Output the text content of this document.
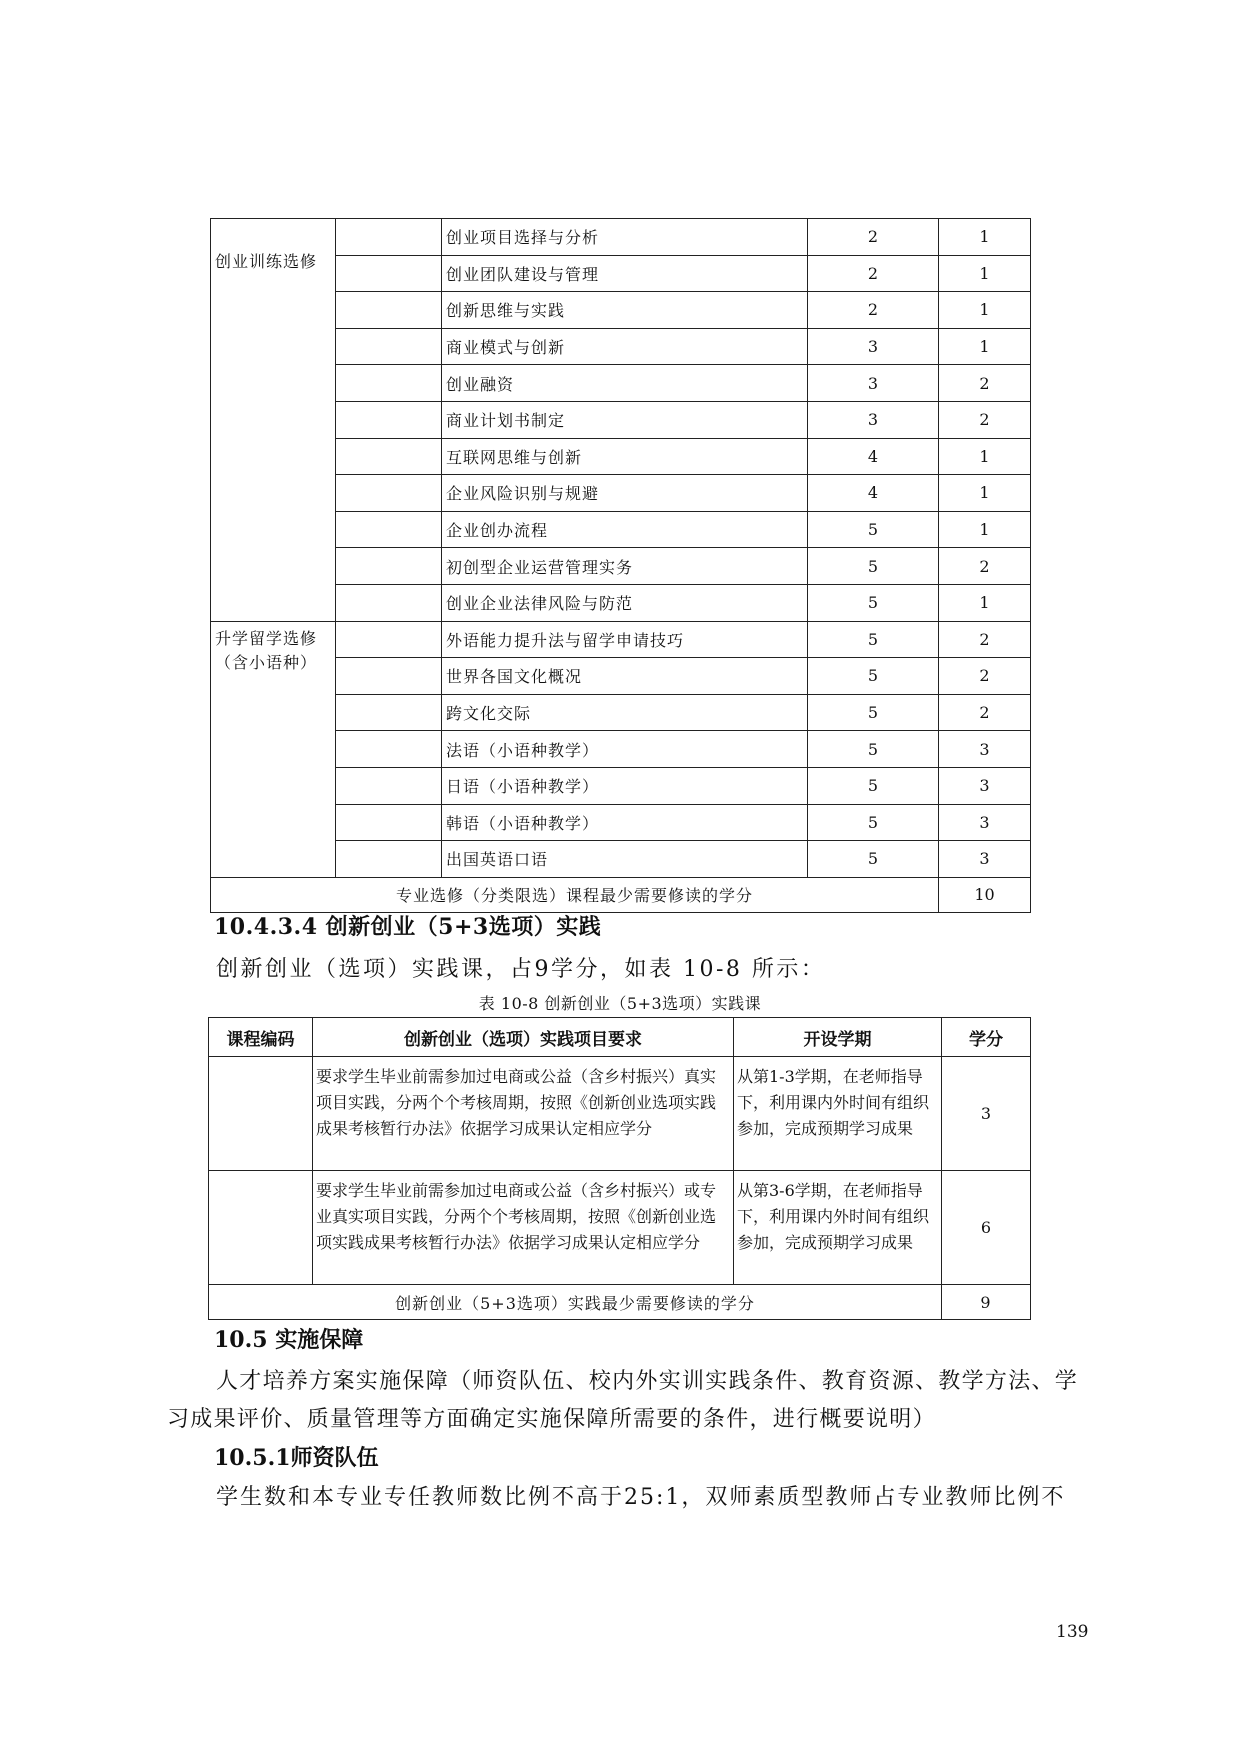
创业训练选修		创业项目选择与分析	2	1
		创业团队建设与管理	2	1
		创新思维与实践	2	1
		商业模式与创新	3	1
		创业融资	3	2
		商业计划书制定	3	2
		互联网思维与创新	4	1
		企业风险识别与规避	4	1
		企业创办流程	5	1
		初创型企业运营管理实务	5	2
		创业企业法律风险与防范	5	1

升学留学选修
（含小语种）		外语能力提升法与留学申请技巧	5	2
		世界各国文化概况	5	2
		跨文化交际	5	2
		法语（小语种教学）	5	3
		日语（小语种教学）	5	3
		韩语（小语种教学）	5	3
		出国英语口语	5	3
专业选修（分类限选）课程最少需要修读的学分				10
10.4.3.4 创新创业（5+3选项）实践
创新创业（选项）实践课，占9学分，如表 10-8 所示：
表 10-8 创新创业（5+3选项）实践课
课程编码	创新创业（选项）实践项目要求	开设学期	学分
	要求学生毕业前需参加过电商或公益（含乡村振兴）真实项目实践，分两个个考核周期，按照《创新创业选项实践成果考核暂行办法》依据学习成果认定相应学分	从第1-3学期，在老师指导下，利用课内外时间有组织参加，完成预期学习成果	3
	要求学生毕业前需参加过电商或公益（含乡村振兴）或专业真实项目实践，分两个个考核周期，按照《创新创业选项实践成果考核暂行办法》依据学习成果认定相应学分	从第3-6学期，在老师指导下，利用课内外时间有组织参加，完成预期学习成果	6
创新创业（5+3选项）实践最少需要修读的学分			9
10.5 实施保障
人才培养方案实施保障（师资队伍、校内外实训实践条件、教育资源、教学方法、学习成果评价、质量管理等方面确定实施保障所需要的条件，进行概要说明）
10.5.1师资队伍
学生数和本专业专任教师数比例不高于25:1，双师素质型教师占专业教师比例不
139
